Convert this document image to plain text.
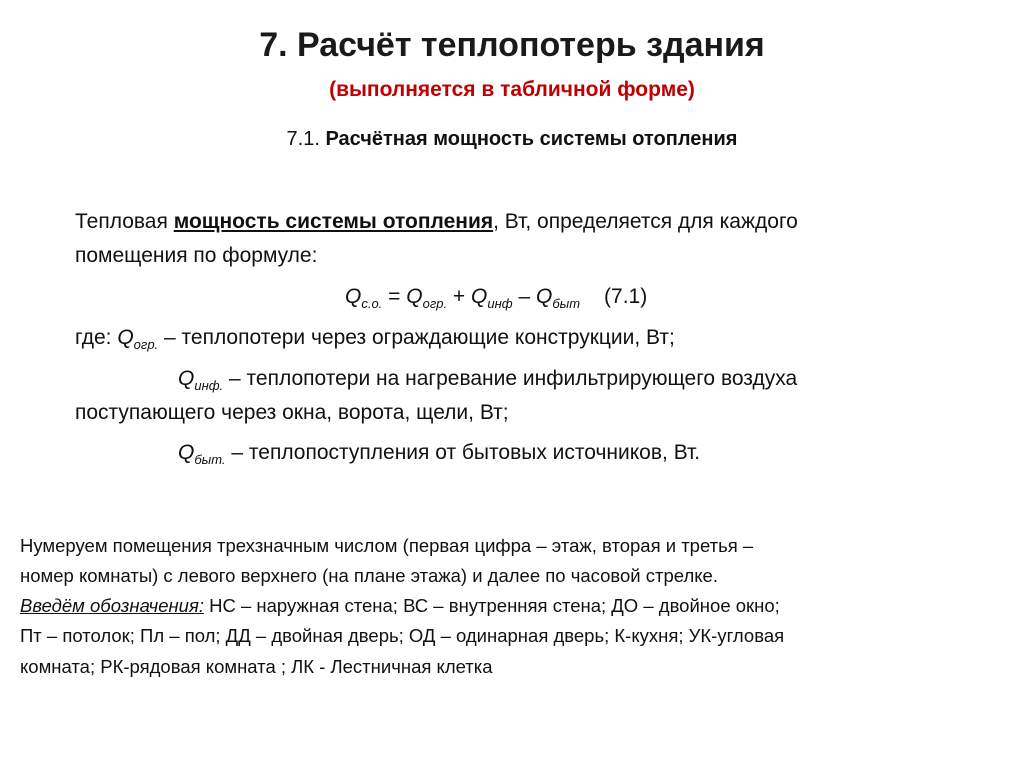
7. Расчёт теплопотерь здания
(выполняется в табличной форме)
7.1. Расчётная мощность системы отопления
Тепловая мощность системы отопления, Вт, определяется для каждого
помещения по формуле:
$Q_{с.о.} = Q_{огр.} + Q_{инф} - Q_{быт}$ (7.1)
где: $Q_{огр.}$ – теплопотери через ограждающие конструкции, Вт;
$Q_{инф.}$ – теплопотери на нагревание инфильтрирующего воздуха
поступающего через окна, ворота, щели, Вт;
$Q_{быт.}$ – теплопоступления от бытовых источников, Вт.
Нумеруем помещения трехзначным числом (первая цифра – этаж, вторая и третья –
номер комнаты) с левого верхнего (на плане этажа) и далее по часовой стрелке.
Введём обозначения: НС – наружная стена; ВС – внутренняя стена; ДО – двойное окно;
Пт – потолок; Пл – пол; ДД – двойная дверь; ОД – одинарная дверь; К-кухня; УК-угловая
комната; РК-рядовая комната ; ЛК - Лестничная клетка
